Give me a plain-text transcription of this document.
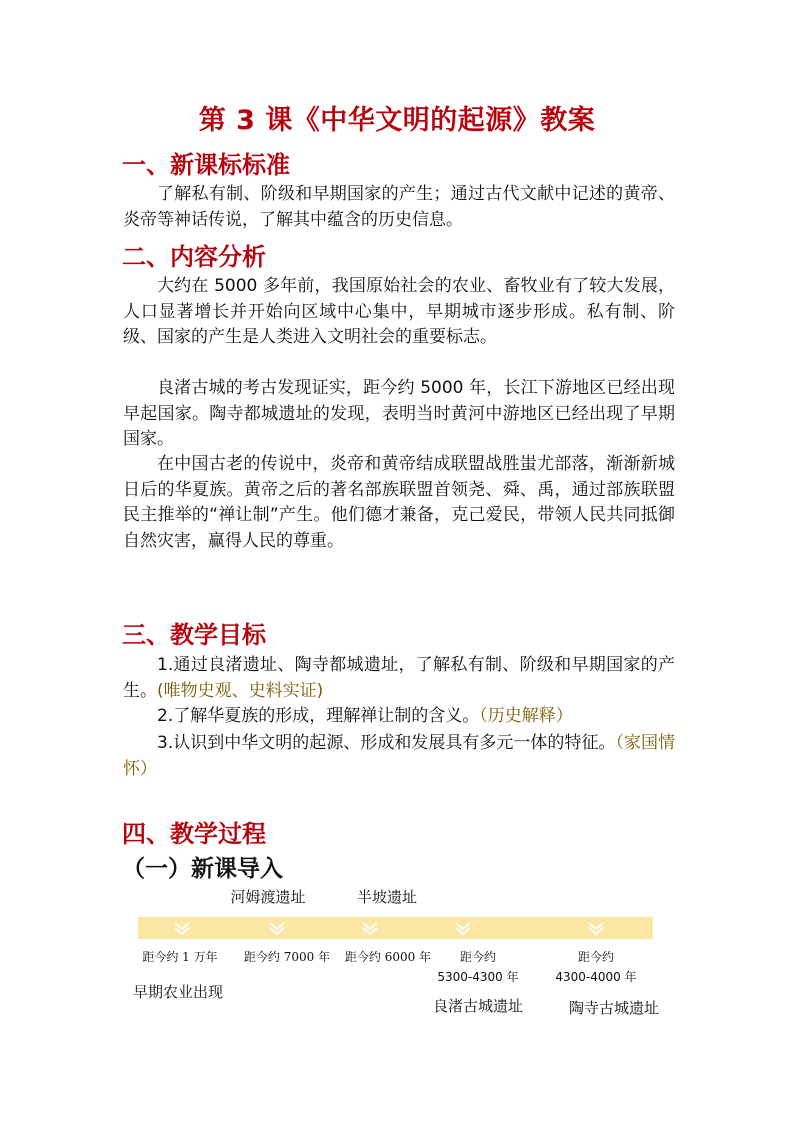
第 3 课《中华文明的起源》教案
一、新课标标准
了解私有制、阶级和早期国家的产生；通过古代文献中记述的黄帝、炎帝等神话传说，了解其中蕴含的历史信息。
二、内容分析
大约在 5000 多年前，我国原始社会的农业、畜牧业有了较大发展，人口显著增长并开始向区域中心集中，早期城市逐步形成。私有制、阶级、国家的产生是人类进入文明社会的重要标志。
良渚古城的考古发现证实，距今约 5000 年，长江下游地区已经出现早起国家。陶寺都城遗址的发现，表明当时黄河中游地区已经出现了早期国家。
在中国古老的传说中，炎帝和黄帝结成联盟战胜蚩尤部落，渐渐新城日后的华夏族。黄帝之后的著名部族联盟首领尧、舜、禹，通过部族联盟民主推举的“禅让制”产生。他们德才兼备，克己爱民，带领人民共同抵御自然灾害，赢得人民的尊重。
三、教学目标
1.通过良渚遗址、陶寺都城遗址，了解私有制、阶级和早期国家的产生。(唯物史观、史料实证)
2.了解华夏族的形成，理解禅让制的含义。（历史解释）
3.认识到中华文明的起源、形成和发展具有多元一体的特征。（家国情怀）
四、教学过程
（一）新课导入
河姆渡遗址	半坡遗址
距今约 1 万年 距今约 7000 年 距今约 6000 年 距今约	距今约
5300-4300 年	4300-4000 年
早期农业出现
良渚古城遗址	陶寺古城遗址
